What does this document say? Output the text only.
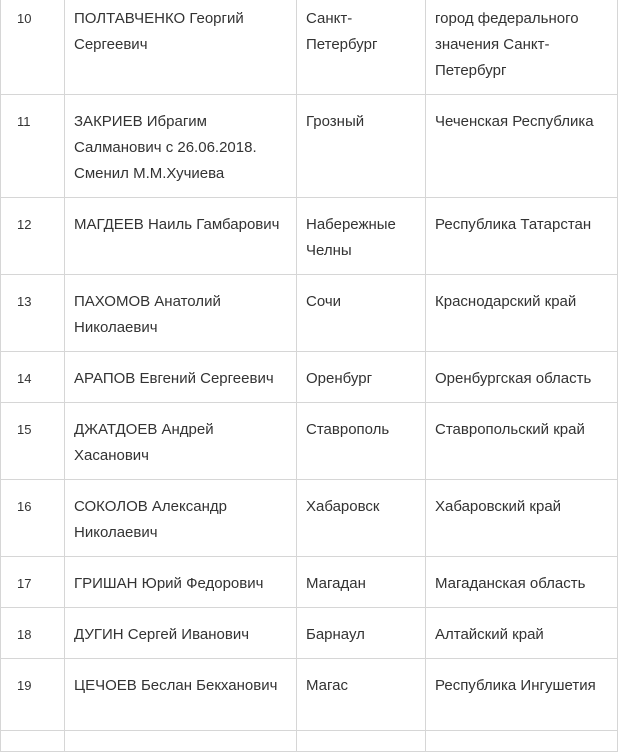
10	ПОЛТАВЧЕНКО Георгий Сергеевич	Санкт-Петербург	город федерального значения Санкт-Петербург
11	ЗАКРИЕВ Ибрагим Салманович с 26.06.2018. Сменил М.М.Хучиева	Грозный	Чеченская Республика
12	МАГДЕЕВ Наиль Гамбарович	Набережные Челны	Республика Татарстан
13	ПАХОМОВ Анатолий Николаевич	Сочи	Краснодарский край
14	АРАПОВ Евгений Сергеевич	Оренбург	Оренбургская область
15	ДЖАТДОЕВ Андрей Хасанович	Ставрополь	Ставропольский край
16	СОКОЛОВ Александр Николаевич	Хабаровск	Хабаровский край
17	ГРИШАН Юрий Федорович	Магадан	Магаданская область
18	ДУГИН Сергей Иванович	Барнаул	Алтайский край
19	ЦЕЧОЕВ Беслан Бекханович	Магас	Республика Ингушетия
